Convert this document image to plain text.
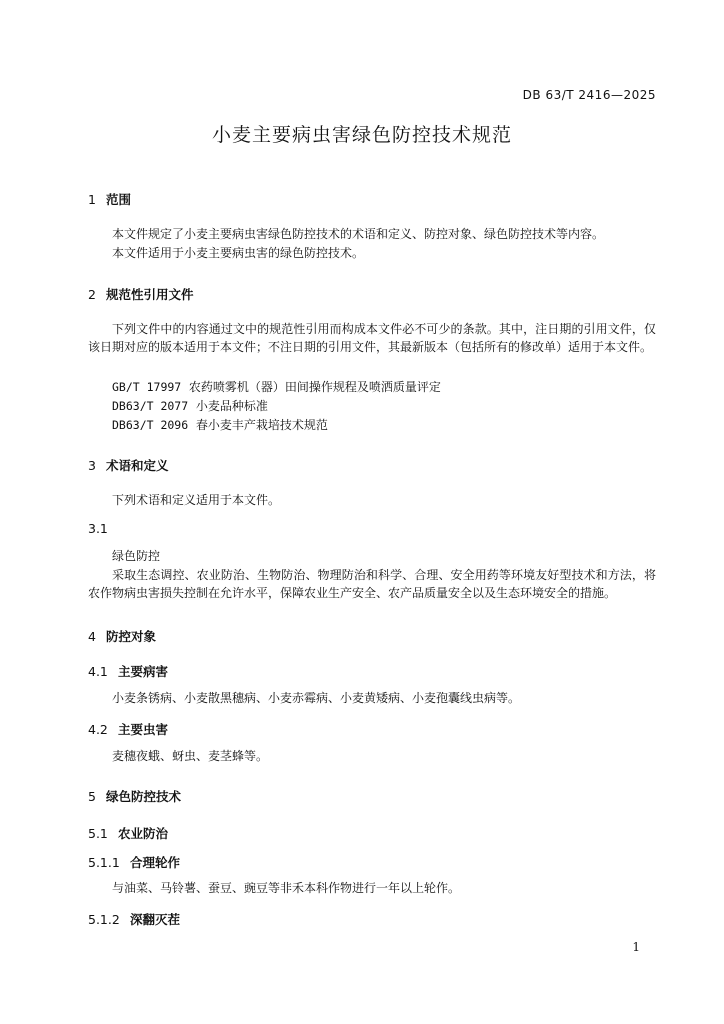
DB 63/T 2416—2025
小麦主要病虫害绿色防控技术规范
1 范围
本文件规定了小麦主要病虫害绿色防控技术的术语和定义、防控对象、绿色防控技术等内容。
本文件适用于小麦主要病虫害的绿色防控技术。
2 规范性引用文件
下列文件中的内容通过文中的规范性引用而构成本文件必不可少的条款。其中，注日期的引用文件，仅该日期对应的版本适用于本文件；不注日期的引用文件，其最新版本（包括所有的修改单）适用于本文件。
GB/T 17997 农药喷雾机（器）田间操作规程及喷洒质量评定
DB63/T 2077 小麦品种标准
DB63/T 2096 春小麦丰产栽培技术规范
3 术语和定义
下列术语和定义适用于本文件。
3.1
绿色防控
采取生态调控、农业防治、生物防治、物理防治和科学、合理、安全用药等环境友好型技术和方法，将农作物病虫害损失控制在允许水平，保障农业生产安全、农产品质量安全以及生态环境安全的措施。
4 防控对象
4.1 主要病害
小麦条锈病、小麦散黑穗病、小麦赤霉病、小麦黄矮病、小麦孢囊线虫病等。
4.2 主要虫害
麦穗夜蛾、蚜虫、麦茎蜂等。
5 绿色防控技术
5.1 农业防治
5.1.1 合理轮作
与油菜、马铃薯、蚕豆、豌豆等非禾本科作物进行一年以上轮作。
5.1.2 深翻灭茬
1
